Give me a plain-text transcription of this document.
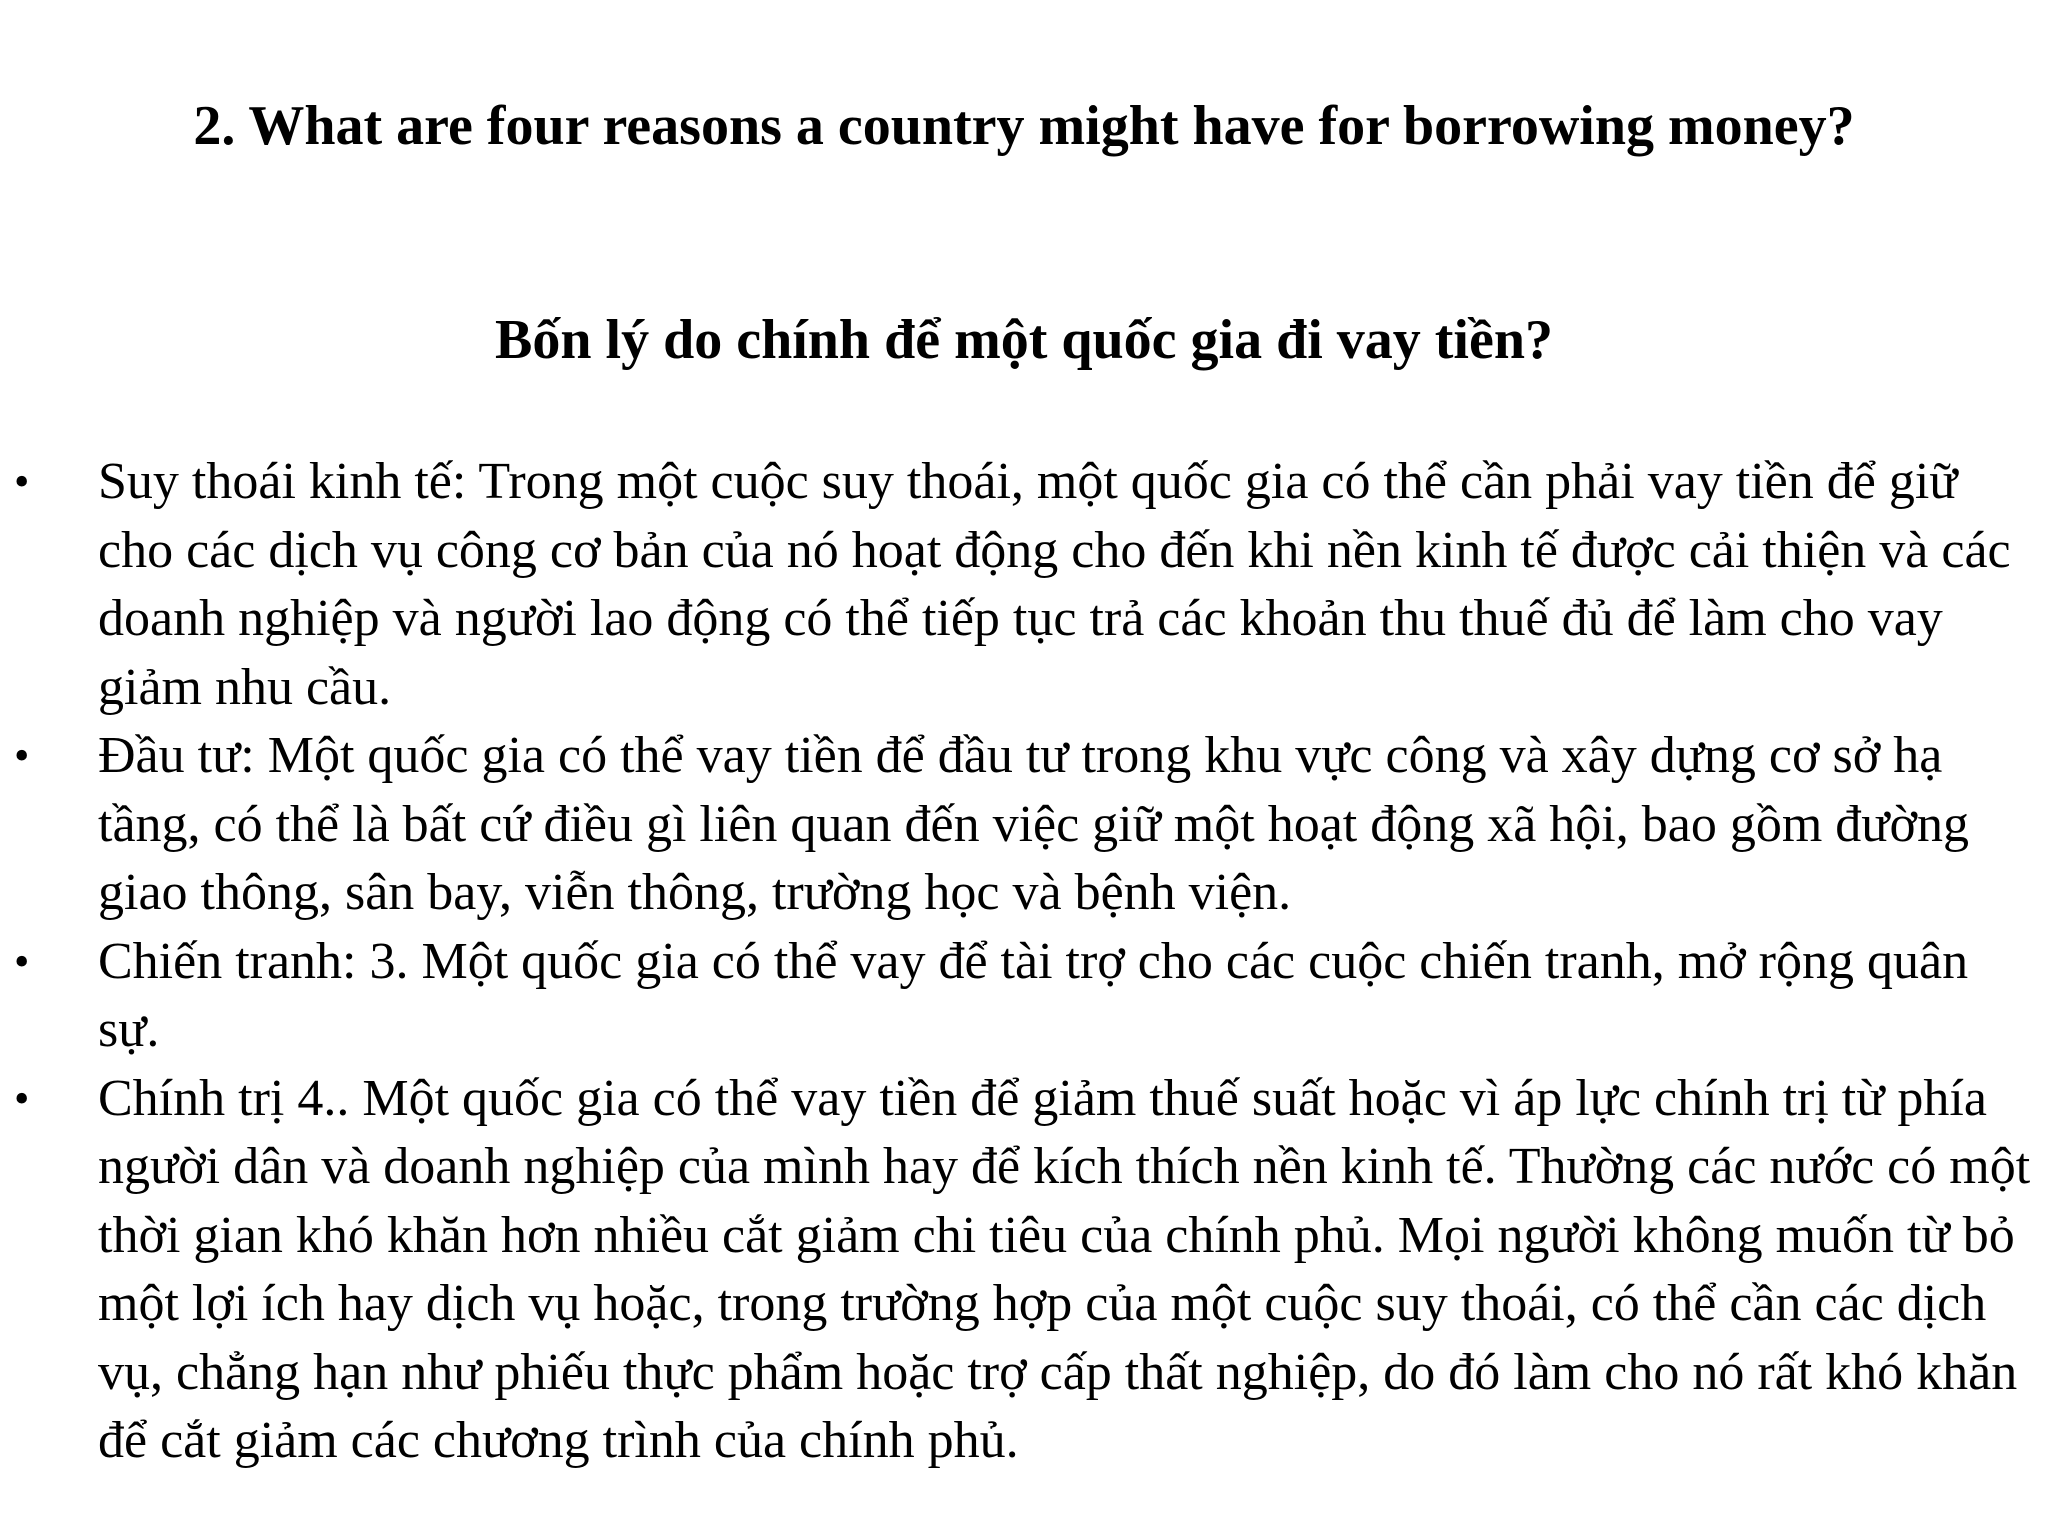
2. What are four reasons a country might have for borrowing money?
Bốn lý do chính để một quốc gia đi vay tiền?
• Suy thoái kinh tế: Trong một cuộc suy thoái, một quốc gia có thể cần phải vay tiền để giữ cho các dịch vụ công cơ bản của nó hoạt động cho đến khi nền kinh tế được cải thiện và các doanh nghiệp và người lao động có thể tiếp tục trả các khoản thu thuế đủ để làm cho vay giảm nhu cầu.
• Đầu tư: Một quốc gia có thể vay tiền để đầu tư trong khu vực công và xây dựng cơ sở hạ tầng, có thể là bất cứ điều gì liên quan đến việc giữ một hoạt động xã hội, bao gồm đường giao thông, sân bay, viễn thông, trường học và bệnh viện.
• Chiến tranh: 3. Một quốc gia có thể vay để tài trợ cho các cuộc chiến tranh, mở rộng quân sự.
• Chính trị 4.. Một quốc gia có thể vay tiền để giảm thuế suất hoặc vì áp lực chính trị từ phía người dân và doanh nghiệp của mình hay để kích thích nền kinh tế. Thường các nước có một thời gian khó khăn hơn nhiều cắt giảm chi tiêu của chính phủ. Mọi người không muốn từ bỏ một lợi ích hay dịch vụ hoặc, trong trường hợp của một cuộc suy thoái, có thể cần các dịch vụ, chẳng hạn như phiếu thực phẩm hoặc trợ cấp thất nghiệp, do đó làm cho nó rất khó khăn để cắt giảm các chương trình của chính phủ.
